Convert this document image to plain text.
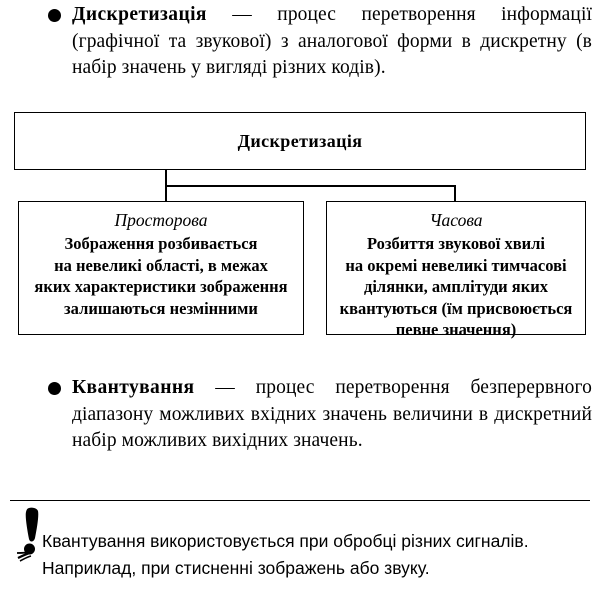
Дискретизація — процес перетворення інформації (графічної та звукової) з аналогової форми в дискретну (в набір значень у вигляді різних кодів).
Дискретизація
Просторова
Зображення розбивається
на невеликі області, в межах
яких характеристики зображення
залишаються незмінними
Часова
Розбиття звукової хвилі
на окремі невеликі тимчасові
ділянки, амплітуди яких
квантуються (їм присвоюється
певне значення)
Квантування — процес перетворення безперервного діапазону можливих вхідних значень величини в дискретний набір можливих вихідних значень.
Квантування використовується при обробці різних сигналів.
Наприклад, при стисненні зображень або звуку.
